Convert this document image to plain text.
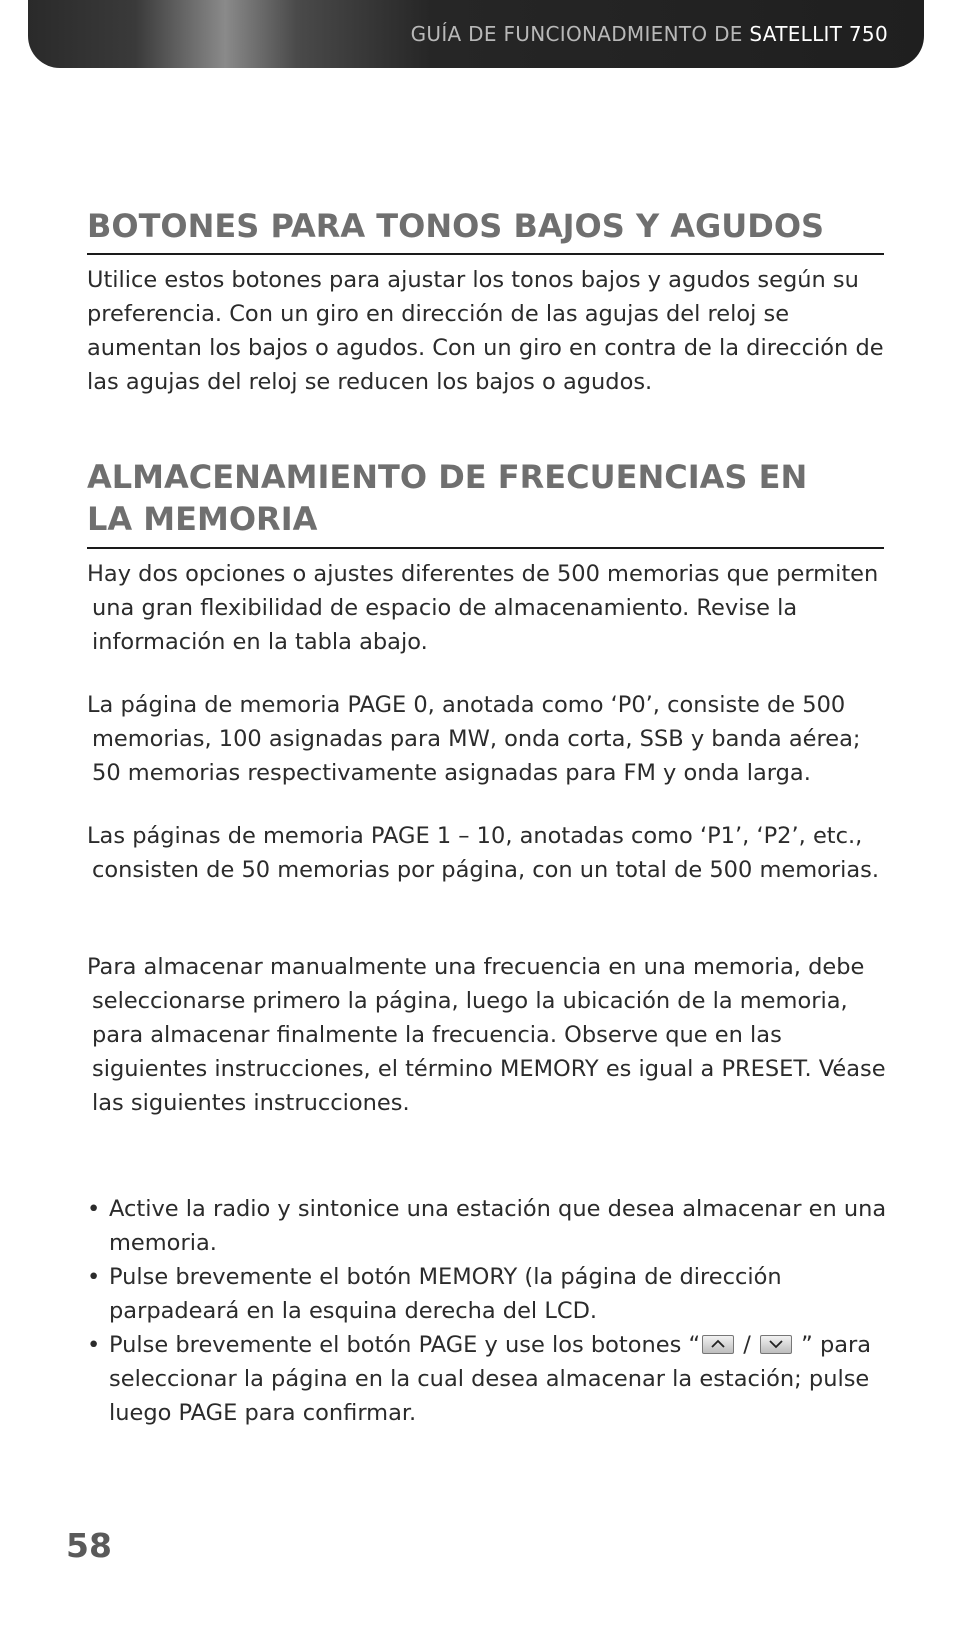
GUÍA DE FUNCIONADMIENTO DE SATELLIT 750
BOTONES PARA TONOS BAJOS Y AGUDOS

Utilice estos botones para ajustar los tonos bajos y agudos según su preferencia. Con un giro en dirección de las agujas del reloj se aumentan los bajos o agudos. Con un giro en contra de la dirección de las agujas del reloj se reducen los bajos o agudos.

ALMACENAMIENTO DE FRECUENCIAS EN
LA MEMORIA

Hay dos opciones o ajustes diferentes de 500 memorias que permiten una gran flexibilidad de espacio de almacenamiento. Revise la información en la tabla abajo.

La página de memoria PAGE 0, anotada como ‘P0’, consiste de 500 memorias, 100 asignadas para MW, onda corta, SSB y banda aérea; 50 memorias respectivamente asignadas para FM y onda larga.

Las páginas de memoria PAGE 1 – 10, anotadas como ‘P1’, ‘P2’, etc., consisten de 50 memorias por página, con un total de 500 memorias.

Para almacenar manualmente una frecuencia en una memoria, debe seleccionarse primero la página, luego la ubicación de la memoria, para almacenar finalmente la frecuencia. Observe que en las siguientes instrucciones, el término MEMORY es igual a PRESET. Véase las siguientes instrucciones.

• Active la radio y sintonice una estación que desea almacenar en una memoria.
• Pulse brevemente el botón MEMORY (la página de dirección parpadeará en la esquina derecha del LCD.
• Pulse brevemente el botón PAGE y use los botones “
/
” para seleccionar la página en la cual desea almacenar la estación; pulse luego PAGE para confirmar.
58
